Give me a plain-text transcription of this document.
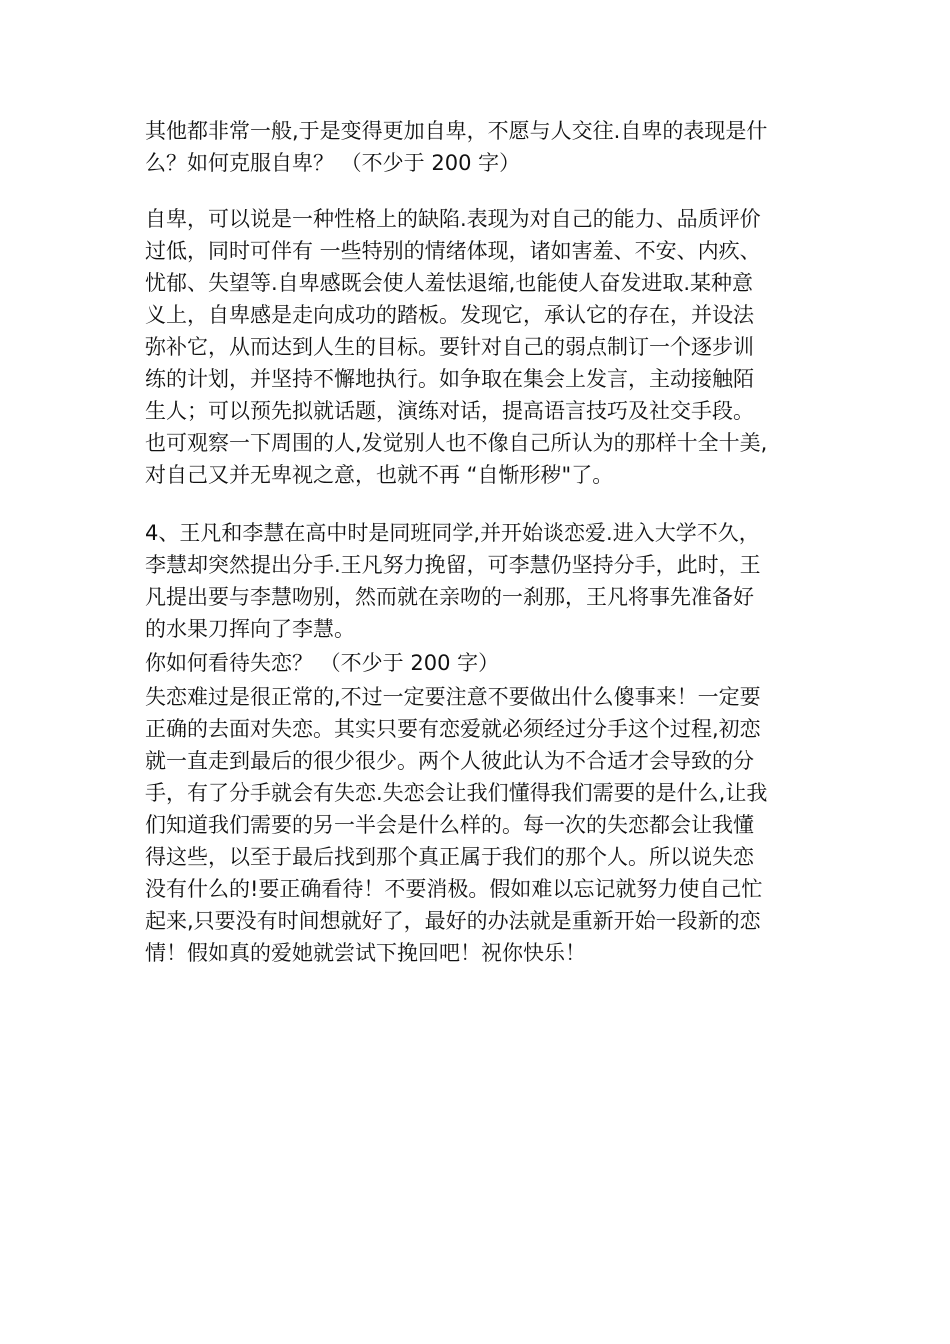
其他都非常一般,于是变得更加自卑，不愿与人交往.自卑的表现是什
么？如何克服自卑？ （不少于 200 字）
自卑，可以说是一种性格上的缺陷.表现为对自己的能力、品质评价
过低，同时可伴有 一些特别的情绪体现，诸如害羞、不安、内疚、
忧郁、失望等.自卑感既会使人羞怯退缩,也能使人奋发进取.某种意
义上，自卑感是走向成功的踏板。发现它，承认它的存在，并设法
弥补它，从而达到人生的目标。要针对自己的弱点制订一个逐步训
练的计划，并坚持不懈地执行。如争取在集会上发言，主动接触陌
生人；可以预先拟就话题，演练对话，提高语言技巧及社交手段。
也可观察一下周围的人,发觉别人也不像自己所认为的那样十全十美,
对自己又并无卑视之意，也就不再 “自惭形秽"了。
4、王凡和李慧在高中时是同班同学,并开始谈恋爱.进入大学不久，
李慧却突然提出分手.王凡努力挽留，可李慧仍坚持分手，此时，王
凡提出要与李慧吻别，然而就在亲吻的一刹那，王凡将事先准备好
的水果刀挥向了李慧。
你如何看待失恋？ （不少于 200 字）
失恋难过是很正常的,不过一定要注意不要做出什么傻事来！一定要
正确的去面对失恋。其实只要有恋爱就必须经过分手这个过程,初恋
就一直走到最后的很少很少。两个人彼此认为不合适才会导致的分
手，有了分手就会有失恋.失恋会让我们懂得我们需要的是什么,让我
们知道我们需要的另一半会是什么样的。每一次的失恋都会让我懂
得这些，以至于最后找到那个真正属于我们的那个人。所以说失恋
没有什么的!要正确看待！不要消极。假如难以忘记就努力使自己忙
起来,只要没有时间想就好了，最好的办法就是重新开始一段新的恋
情！假如真的爱她就尝试下挽回吧！祝你快乐！
